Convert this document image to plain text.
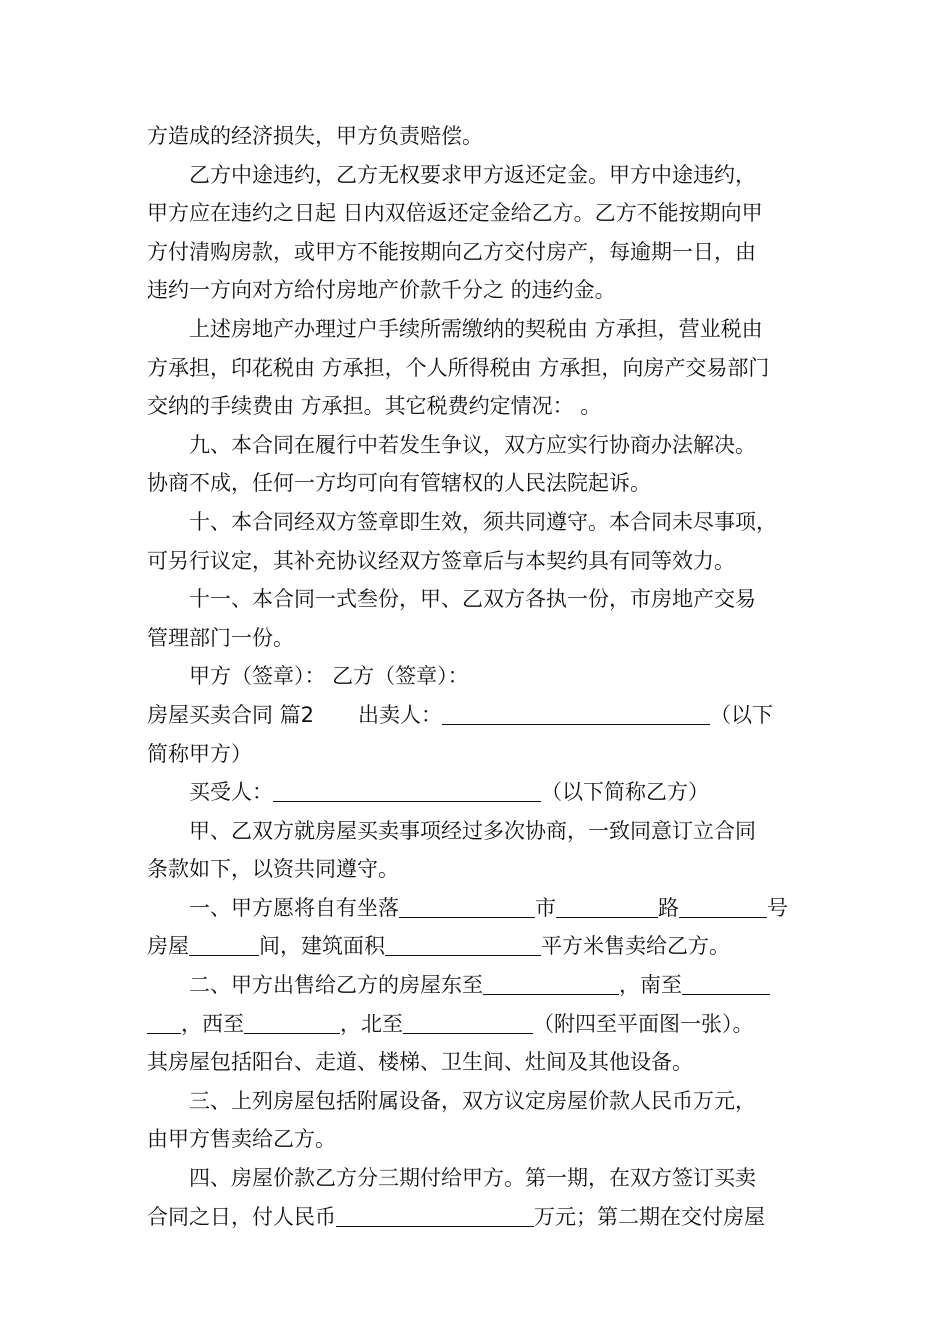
方造成的经济损失，甲方负责赔偿。
乙方中途违约，乙方无权要求甲方返还定金。甲方中途违约，
甲方应在违约之日起 日内双倍返还定金给乙方。乙方不能按期向甲
方付清购房款，或甲方不能按期向乙方交付房产，每逾期一日，由
违约一方向对方给付房地产价款千分之 的违约金。
上述房地产办理过户手续所需缴纳的契税由 方承担，营业税由
方承担，印花税由 方承担，个人所得税由 方承担，向房产交易部门
交纳的手续费由 方承担。其它税费约定情况： 。
九、本合同在履行中若发生争议，双方应实行协商办法解决。
协商不成，任何一方均可向有管辖权的人民法院起诉。
十、本合同经双方签章即生效，须共同遵守。本合同未尽事项，
可另行议定，其补充协议经双方签章后与本契约具有同等效力。
十一、本合同一式叁份，甲、乙双方各执一份，市房地产交易
管理部门一份。
甲方（签章）： 乙方（签章）：
房屋买卖合同 篇2 出卖人：	（以下
简称甲方）
买受人：	（以下简称乙方）
甲、乙双方就房屋买卖事项经过多次协商，一致同意订立合同
条款如下，以资共同遵守。
一、甲方愿将自有坐落	市	路	号
房屋	间，建筑面积	平方米售卖给乙方。
二、甲方出售给乙方的房屋东至	，南至
，西至	，北至	（附四至平面图一张）。
其房屋包括阳台、走道、楼梯、卫生间、灶间及其他设备。
三、上列房屋包括附属设备，双方议定房屋价款人民币万元，
由甲方售卖给乙方。
四、房屋价款乙方分三期付给甲方。第一期，在双方签订买卖
合同之日，付人民币	万元；第二期在交付房屋
